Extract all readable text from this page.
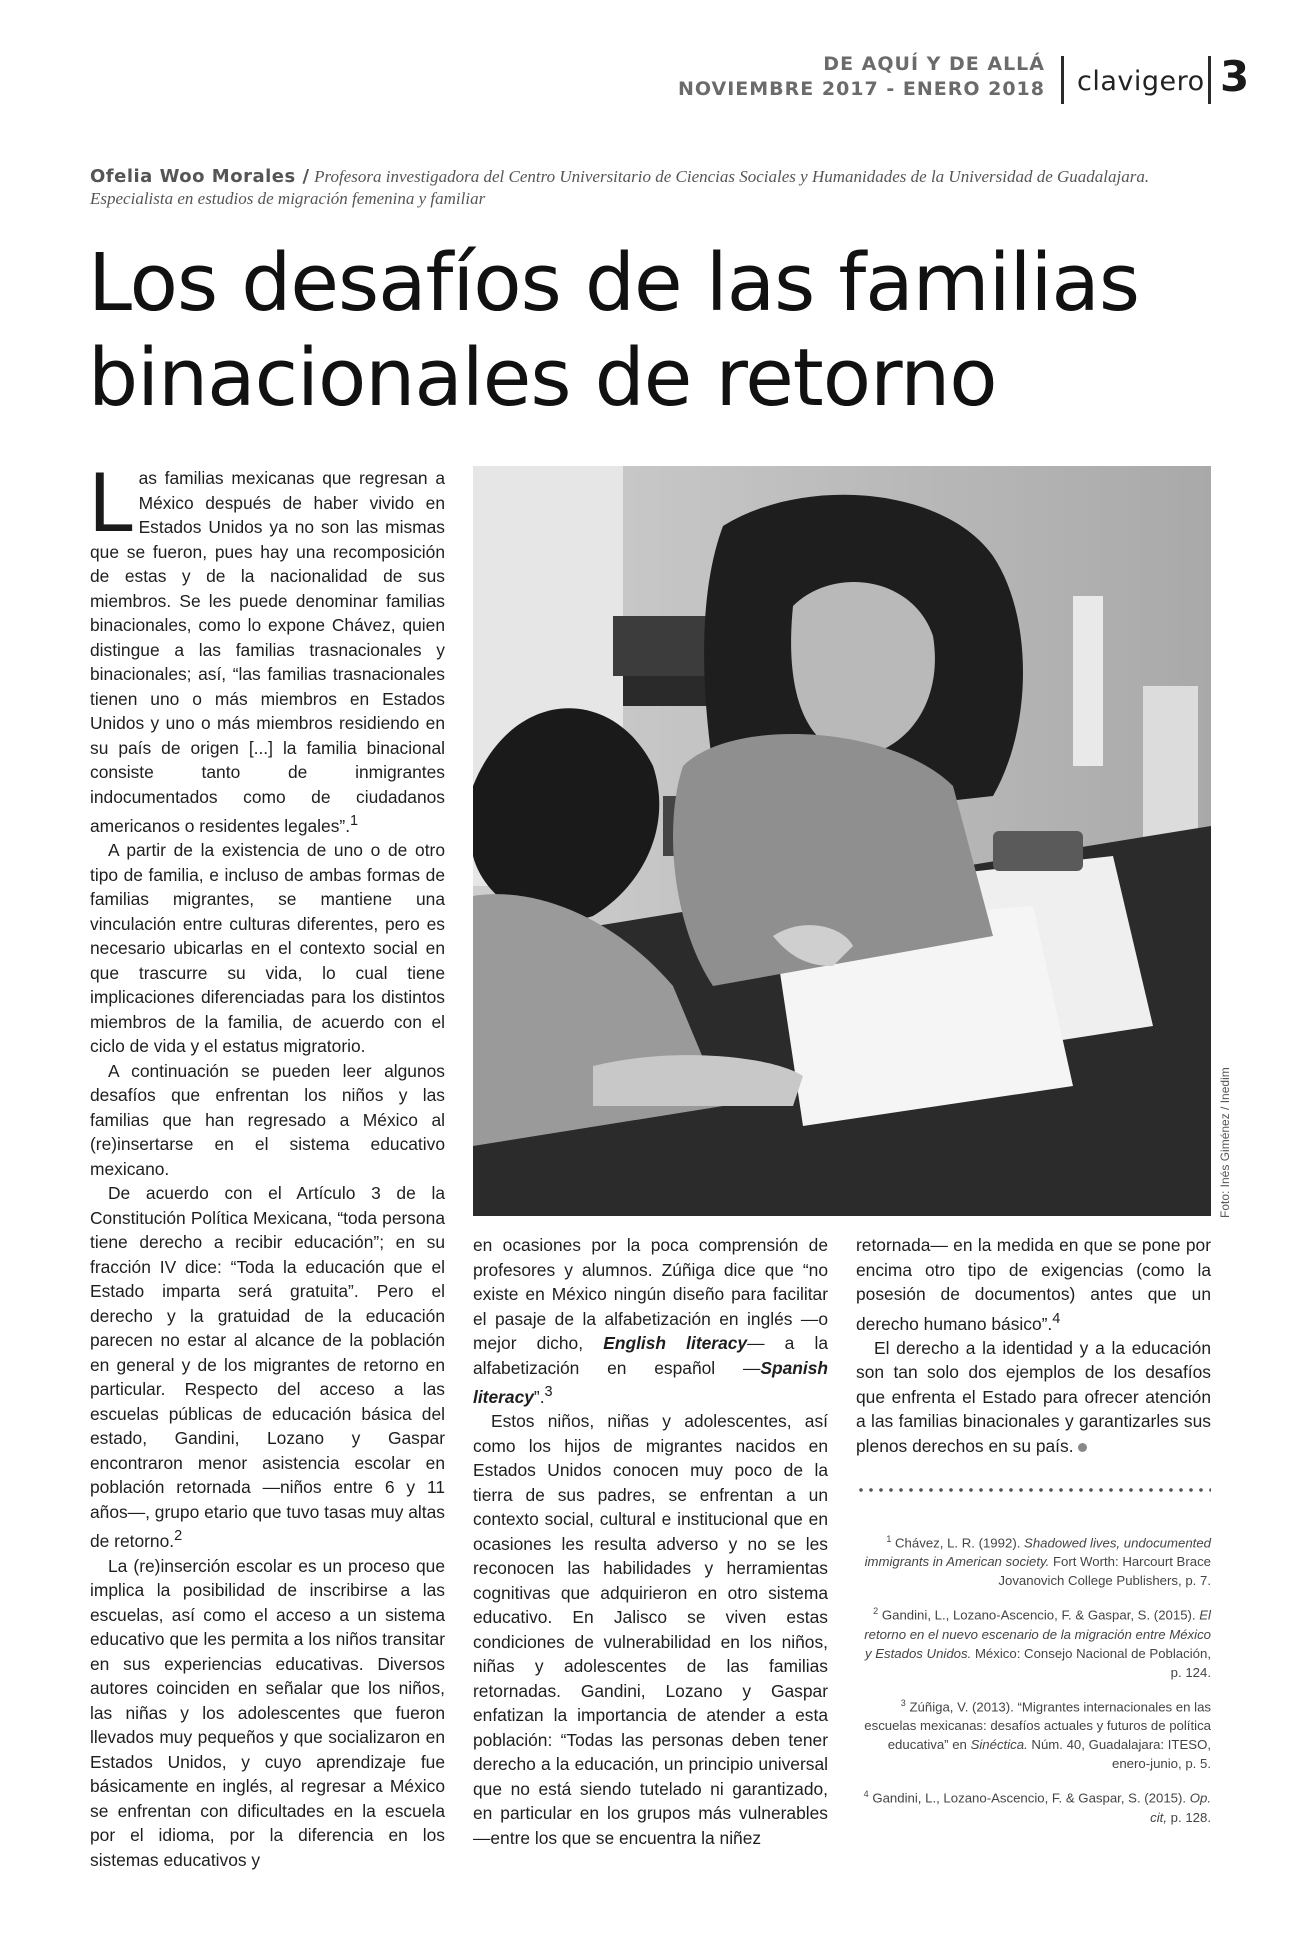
DE AQUÍ Y DE ALLÁ
NOVIEMBRE 2017 - ENERO 2018 clavigero 3
Ofelia Woo Morales / Profesora investigadora del Centro Universitario de Ciencias Sociales y Humanidades de la Universidad de Guadalajara. Especialista en estudios de migración femenina y familiar
Los desafíos de las familias
binacionales de retorno

Las familias mexicanas que regresan a México después de haber vivido en Estados Unidos ya no son las mismas que se fueron, pues hay una recomposición de estas y de la nacionalidad de sus miembros. Se les puede denominar familias binacionales, como lo expone Chávez, quien distingue a las familias trasnacionales y binacionales; así, “las familias trasnacionales tienen uno o más miembros en Estados Unidos y uno o más miembros residiendo en su país de origen [...] la familia binacional consiste tanto de inmigrantes indocumentados como de ciudadanos americanos o residentes legales”.$^1$

A partir de la existencia de uno o de otro tipo de familia, e incluso de ambas formas de familias migrantes, se mantiene una vinculación entre culturas diferentes, pero es necesario ubicarlas en el contexto social en que trascurre su vida, lo cual tiene implicaciones diferenciadas para los distintos miembros de la familia, de acuerdo con el ciclo de vida y el estatus migratorio.

A continuación se pueden leer algunos desafíos que enfrentan los niños y las familias que han regresado a México al (re)insertarse en el sistema educativo mexicano.

De acuerdo con el Artículo 3 de la Constitución Política Mexicana, “toda persona tiene derecho a recibir educación”; en su fracción IV dice: “Toda la educación que el Estado imparta será gratuita”. Pero el derecho y la gratuidad de la educación parecen no estar al alcance de la población en general y de los migrantes de retorno en particular. Respecto del acceso a las escuelas públicas de educación básica del estado, Gandini, Lozano y Gaspar encontraron menor asistencia escolar en población retornada —niños entre 6 y 11 años—, grupo etario que tuvo tasas muy altas de retorno.$^2$

La (re)inserción escolar es un proceso que implica la posibilidad de inscribirse a las escuelas, así como el acceso a un sistema educativo que les permita a los niños transitar en sus experiencias educativas. Diversos autores coinciden en señalar que los niños, las niñas y los adolescentes que fueron llevados muy pequeños y que socializaron en Estados Unidos, y cuyo aprendizaje fue básicamente en inglés, al regresar a México se enfrentan con dificultades en la escuela por el idioma, por la diferencia en los sistemas educativos y

Foto: Inés Giménez / Inedim

en ocasiones por la poca comprensión de profesores y alumnos. Zúñiga dice que “no existe en México ningún diseño para facilitar el pasaje de la alfabetización en inglés —o mejor dicho, English literacy— a la alfabetización en español —Spanish literacy”.$^3$

Estos niños, niñas y adolescentes, así como los hijos de migrantes nacidos en Estados Unidos conocen muy poco de la tierra de sus padres, se enfrentan a un contexto social, cultural e institucional que en ocasiones les resulta adverso y no se les reconocen las habilidades y herramientas cognitivas que adquirieron en otro sistema educativo. En Jalisco se viven estas condiciones de vulnerabilidad en los niños, niñas y adolescentes de las familias retornadas. Gandini, Lozano y Gaspar enfatizan la importancia de atender a esta población: “Todas las personas deben tener derecho a la educación, un principio universal que no está siendo tutelado ni garantizado, en particular en los grupos más vulnerables —entre los que se encuentra la niñez

retornada— en la medida en que se pone por encima otro tipo de exigencias (como la posesión de documentos) antes que un derecho humano básico”.$^4$

El derecho a la identidad y a la educación son tan solo dos ejemplos de los desafíos que enfrenta el Estado para ofrecer atención a las familias binacionales y garantizarles sus plenos derechos en su país.

$^1$ Chávez, L. R. (1992). Shadowed lives, undocumented immigrants in American society. Fort Worth: Harcourt Brace Jovanovich College Publishers, p. 7.

$^2$ Gandini, L., Lozano-Ascencio, F. & Gaspar, S. (2015). El retorno en el nuevo escenario de la migración entre México y Estados Unidos. México: Consejo Nacional de Población, p. 124.

$^3$ Zúñiga, V. (2013). “Migrantes internacionales en las escuelas mexicanas: desafíos actuales y futuros de política educativa” en Sinéctica. Núm. 40, Guadalajara: ITESO, enero-junio, p. 5.

$^4$ Gandini, L., Lozano-Ascencio, F. & Gaspar, S. (2015). Op. cit, p. 128.
